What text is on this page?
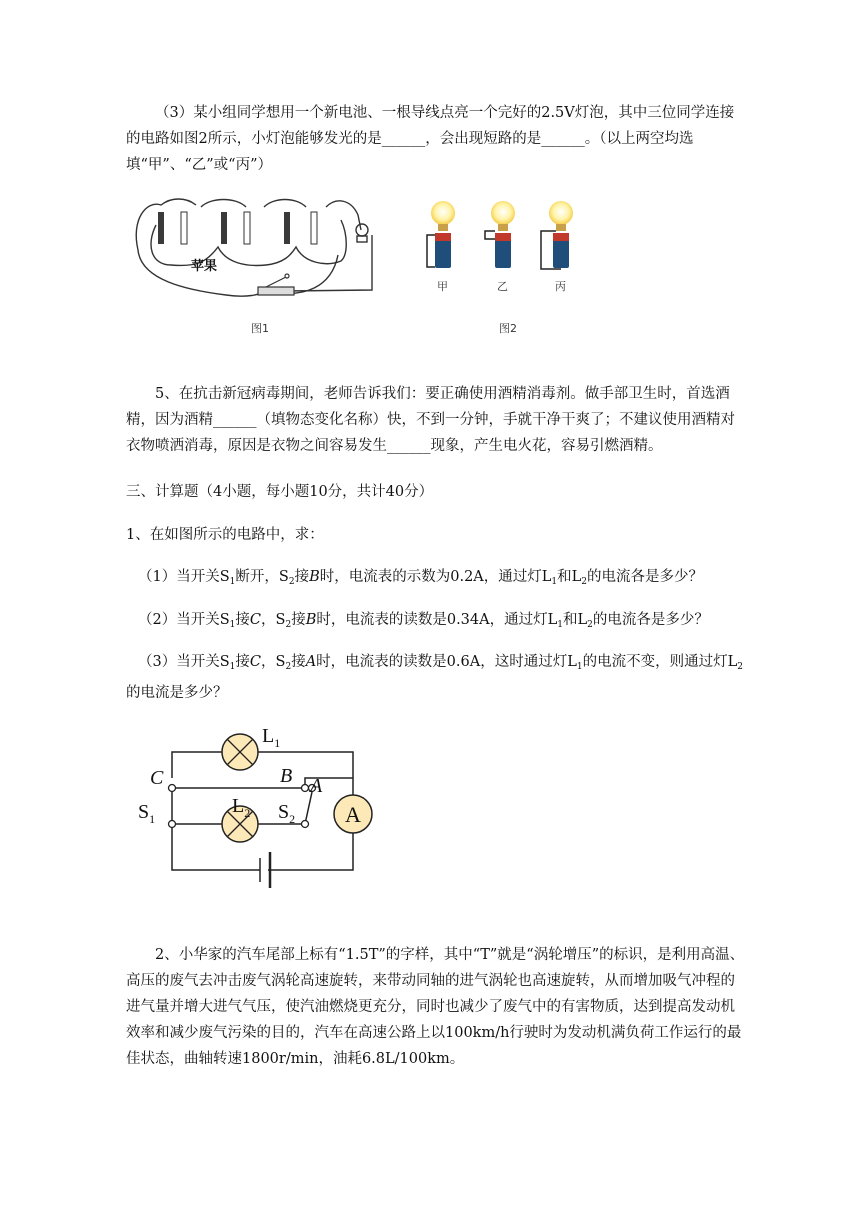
（3）某小组同学想用一个新电池、一根导线点亮一个完好的2.5V灯泡，其中三位同学连接的电路如图2所示，小灯泡能够发光的是______，会出现短路的是______。（以上两空均选填“甲”、“乙”或“丙”）

苹果
图1
甲	乙	丙
图2

5、在抗击新冠病毒期间，老师告诉我们：要正确使用酒精消毒剂。做手部卫生时，首选酒精，因为酒精______（填物态变化名称）快，不到一分钟，手就干净干爽了；不建议使用酒精对衣物喷洒消毒，原因是衣物之间容易发生______现象，产生电火花，容易引燃酒精。

三、计算题（4小题，每小题10分，共计40分）

1、在如图所示的电路中，求：

（1）当开关$S_1$断开，$S_2$接B时，电流表的示数为0.2A，通过灯$L_1$和$L_2$的电流各是多少？

（2）当开关$S_1$接C，$S_2$接B时，电流表的读数是0.34A，通过灯$L_1$和$L_2$的电流各是多少？

（3）当开关$S_1$接C，$S_2$接A时，电流表的读数是0.6A，这时通过灯$L_1$的电流不变，则通过灯$L_2$的电流是多少？

A
$L_1$
$L_2$
C	B A
$S_1$	$S_2$

2、小华家的汽车尾部上标有“1.5T”的字样，其中“T”就是“涡轮增压”的标识，是利用高温、高压的废气去冲击废气涡轮高速旋转，来带动同轴的进气涡轮也高速旋转，从而增加吸气冲程的进气量并增大进气气压，使汽油燃烧更充分，同时也减少了废气中的有害物质，达到提高发动机效率和减少废气污染的目的，汽车在高速公路上以100km/h行驶时为发动机满负荷工作运行的最佳状态，曲轴转速1800r/min，油耗6.8L/100km。
